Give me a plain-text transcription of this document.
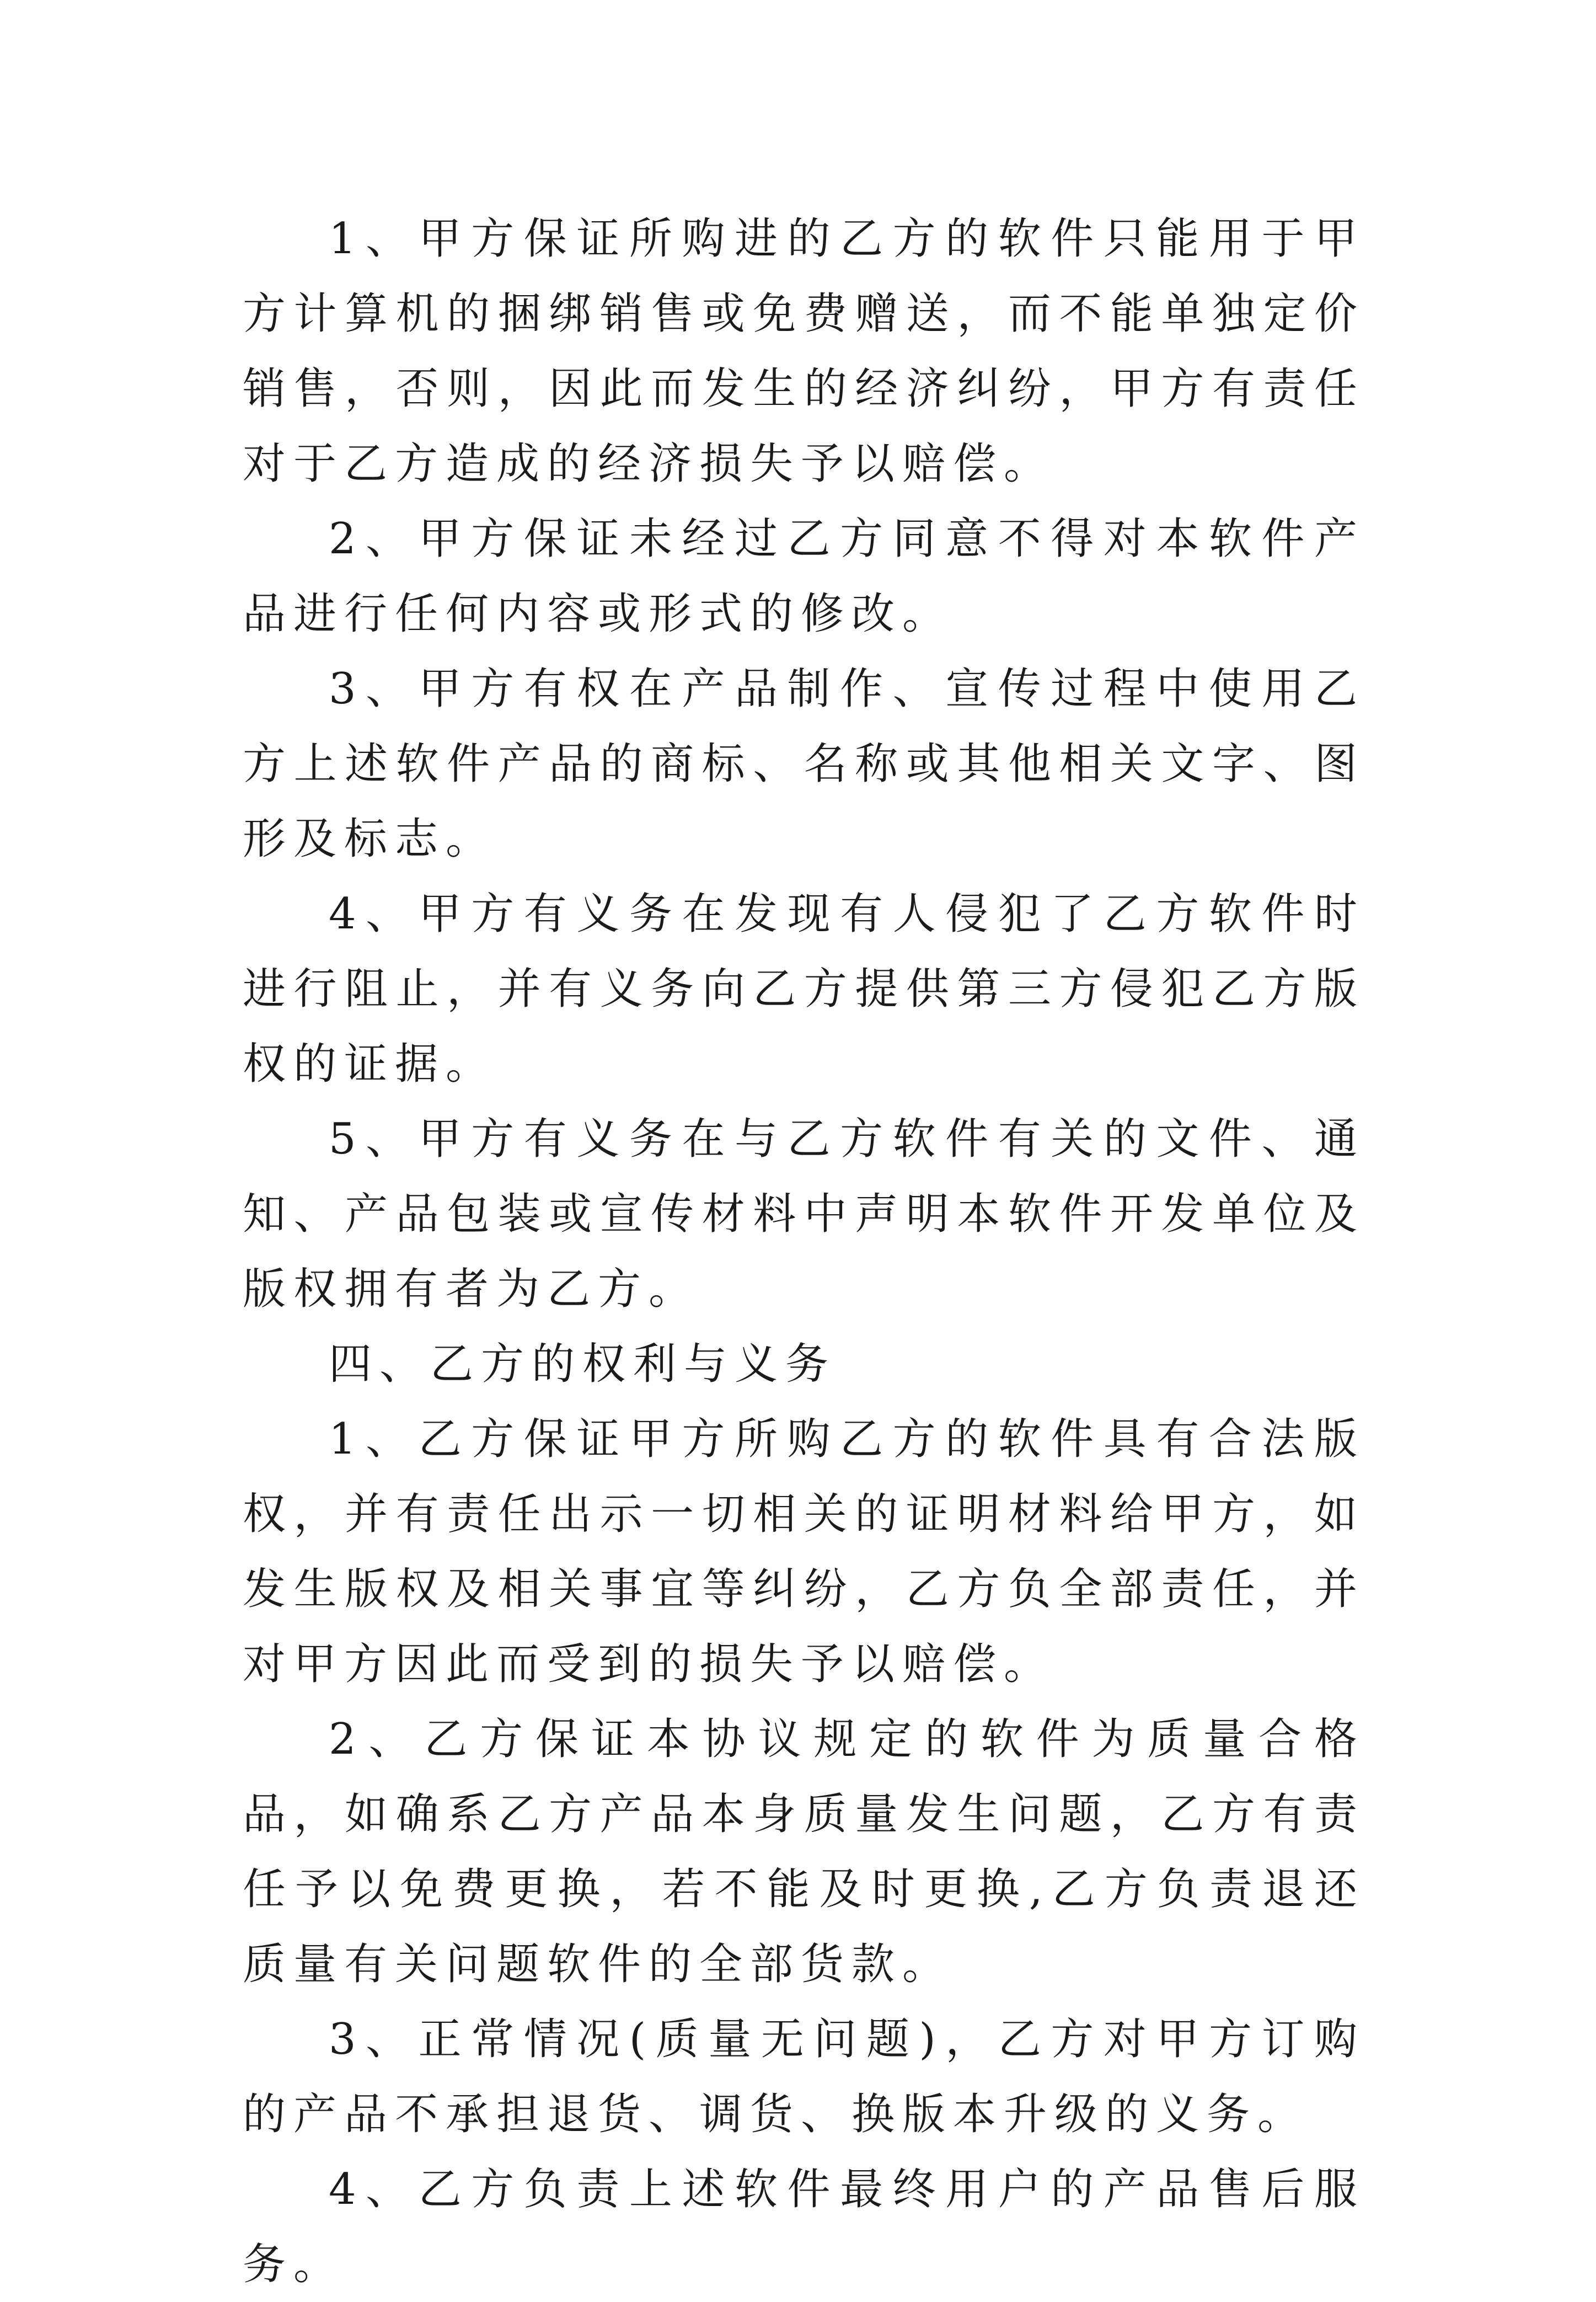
1、甲方保证所购进的乙方的软件只能用于甲方计算机的捆绑销售或免费赠送，而不能单独定价销售，否则，因此而发生的经济纠纷，甲方有责任对于乙方造成的经济损失予以赔偿。

2、甲方保证未经过乙方同意不得对本软件产品进行任何内容或形式的修改。

3、甲方有权在产品制作、宣传过程中使用乙方上述软件产品的商标、名称或其他相关文字、图形及标志。

4、甲方有义务在发现有人侵犯了乙方软件时进行阻止，并有义务向乙方提供第三方侵犯乙方版权的证据。

5、甲方有义务在与乙方软件有关的文件、通知、产品包装或宣传材料中声明本软件开发单位及版权拥有者为乙方。

四、乙方的权利与义务

1、乙方保证甲方所购乙方的软件具有合法版权，并有责任出示一切相关的证明材料给甲方，如发生版权及相关事宜等纠纷，乙方负全部责任，并对甲方因此而受到的损失予以赔偿。

2、乙方保证本协议规定的软件为质量合格品，如确系乙方产品本身质量发生问题，乙方有责任予以免费更换，若不能及时更换,乙方负责退还质量有关问题软件的全部货款。

3、正常情况(质量无问题)，乙方对甲方订购的产品不承担退货、调货、换版本升级的义务。

4、乙方负责上述软件最终用户的产品售后服务。
